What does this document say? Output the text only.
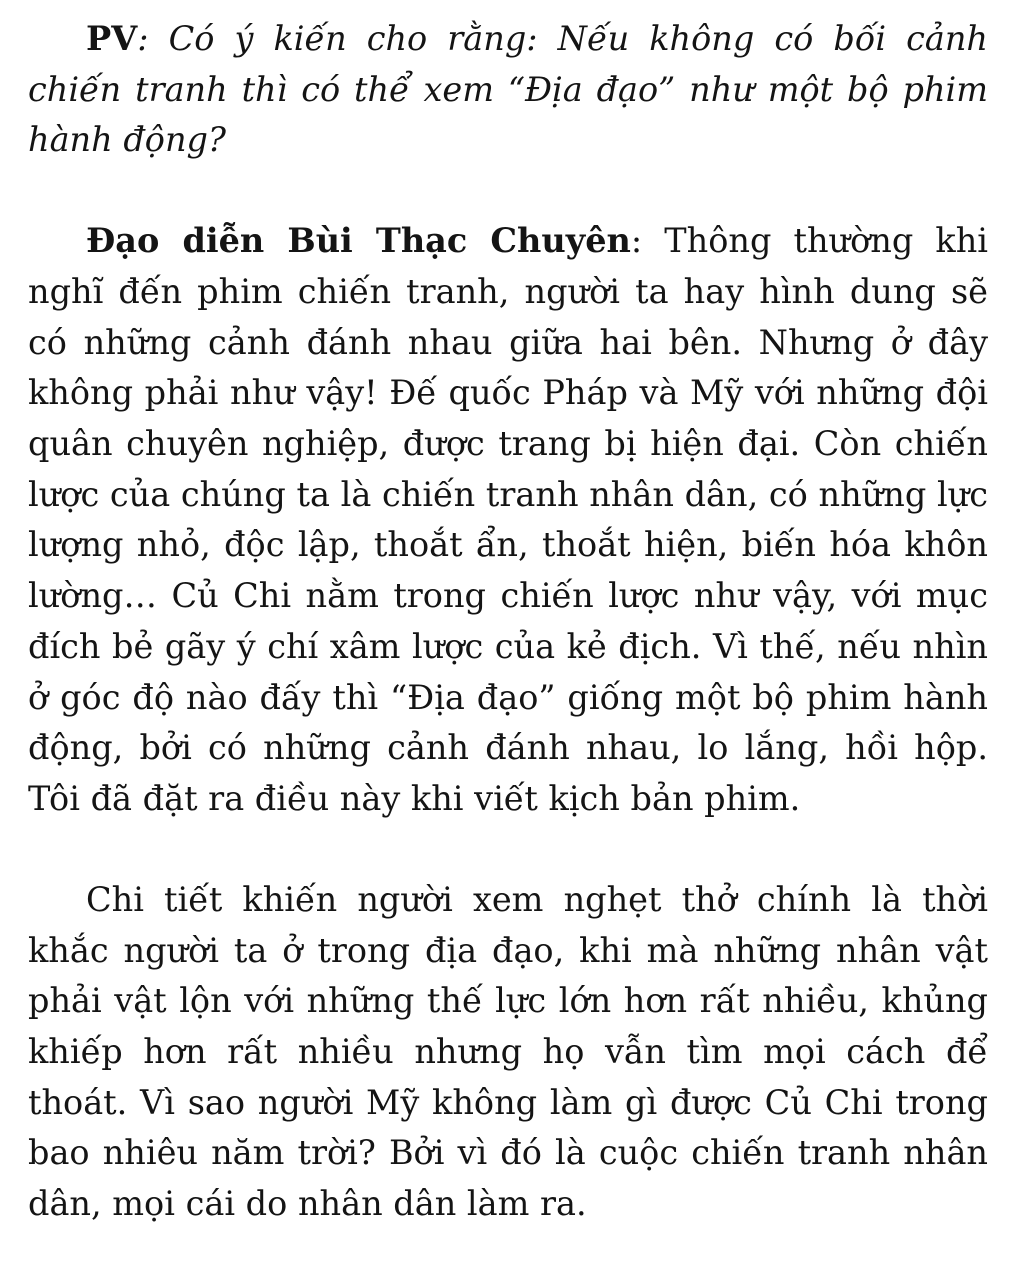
PV: Có ý kiến cho rằng: Nếu không có bối cảnh chiến tranh thì có thể xem “Địa đạo” như một bộ phim hành động?

Đạo diễn Bùi Thạc Chuyên: Thông thường khi nghĩ đến phim chiến tranh, người ta hay hình dung sẽ có những cảnh đánh nhau giữa hai bên. Nhưng ở đây không phải như vậy! Đế quốc Pháp và Mỹ với những đội quân chuyên nghiệp, được trang bị hiện đại. Còn chiến lược của chúng ta là chiến tranh nhân dân, có những lực lượng nhỏ, độc lập, thoắt ẩn, thoắt hiện, biến hóa khôn lường… Củ Chi nằm trong chiến lược như vậy, với mục đích bẻ gãy ý chí xâm lược của kẻ địch. Vì thế, nếu nhìn ở góc độ nào đấy thì “Địa đạo” giống một bộ phim hành động, bởi có những cảnh đánh nhau, lo lắng, hồi hộp. Tôi đã đặt ra điều này khi viết kịch bản phim.

Chi tiết khiến người xem nghẹt thở chính là thời khắc người ta ở trong địa đạo, khi mà những nhân vật phải vật lộn với những thế lực lớn hơn rất nhiều, khủng khiếp hơn rất nhiều nhưng họ vẫn tìm mọi cách để thoát. Vì sao người Mỹ không làm gì được Củ Chi trong bao nhiêu năm trời? Bởi vì đó là cuộc chiến tranh nhân dân, mọi cái do nhân dân làm ra.
